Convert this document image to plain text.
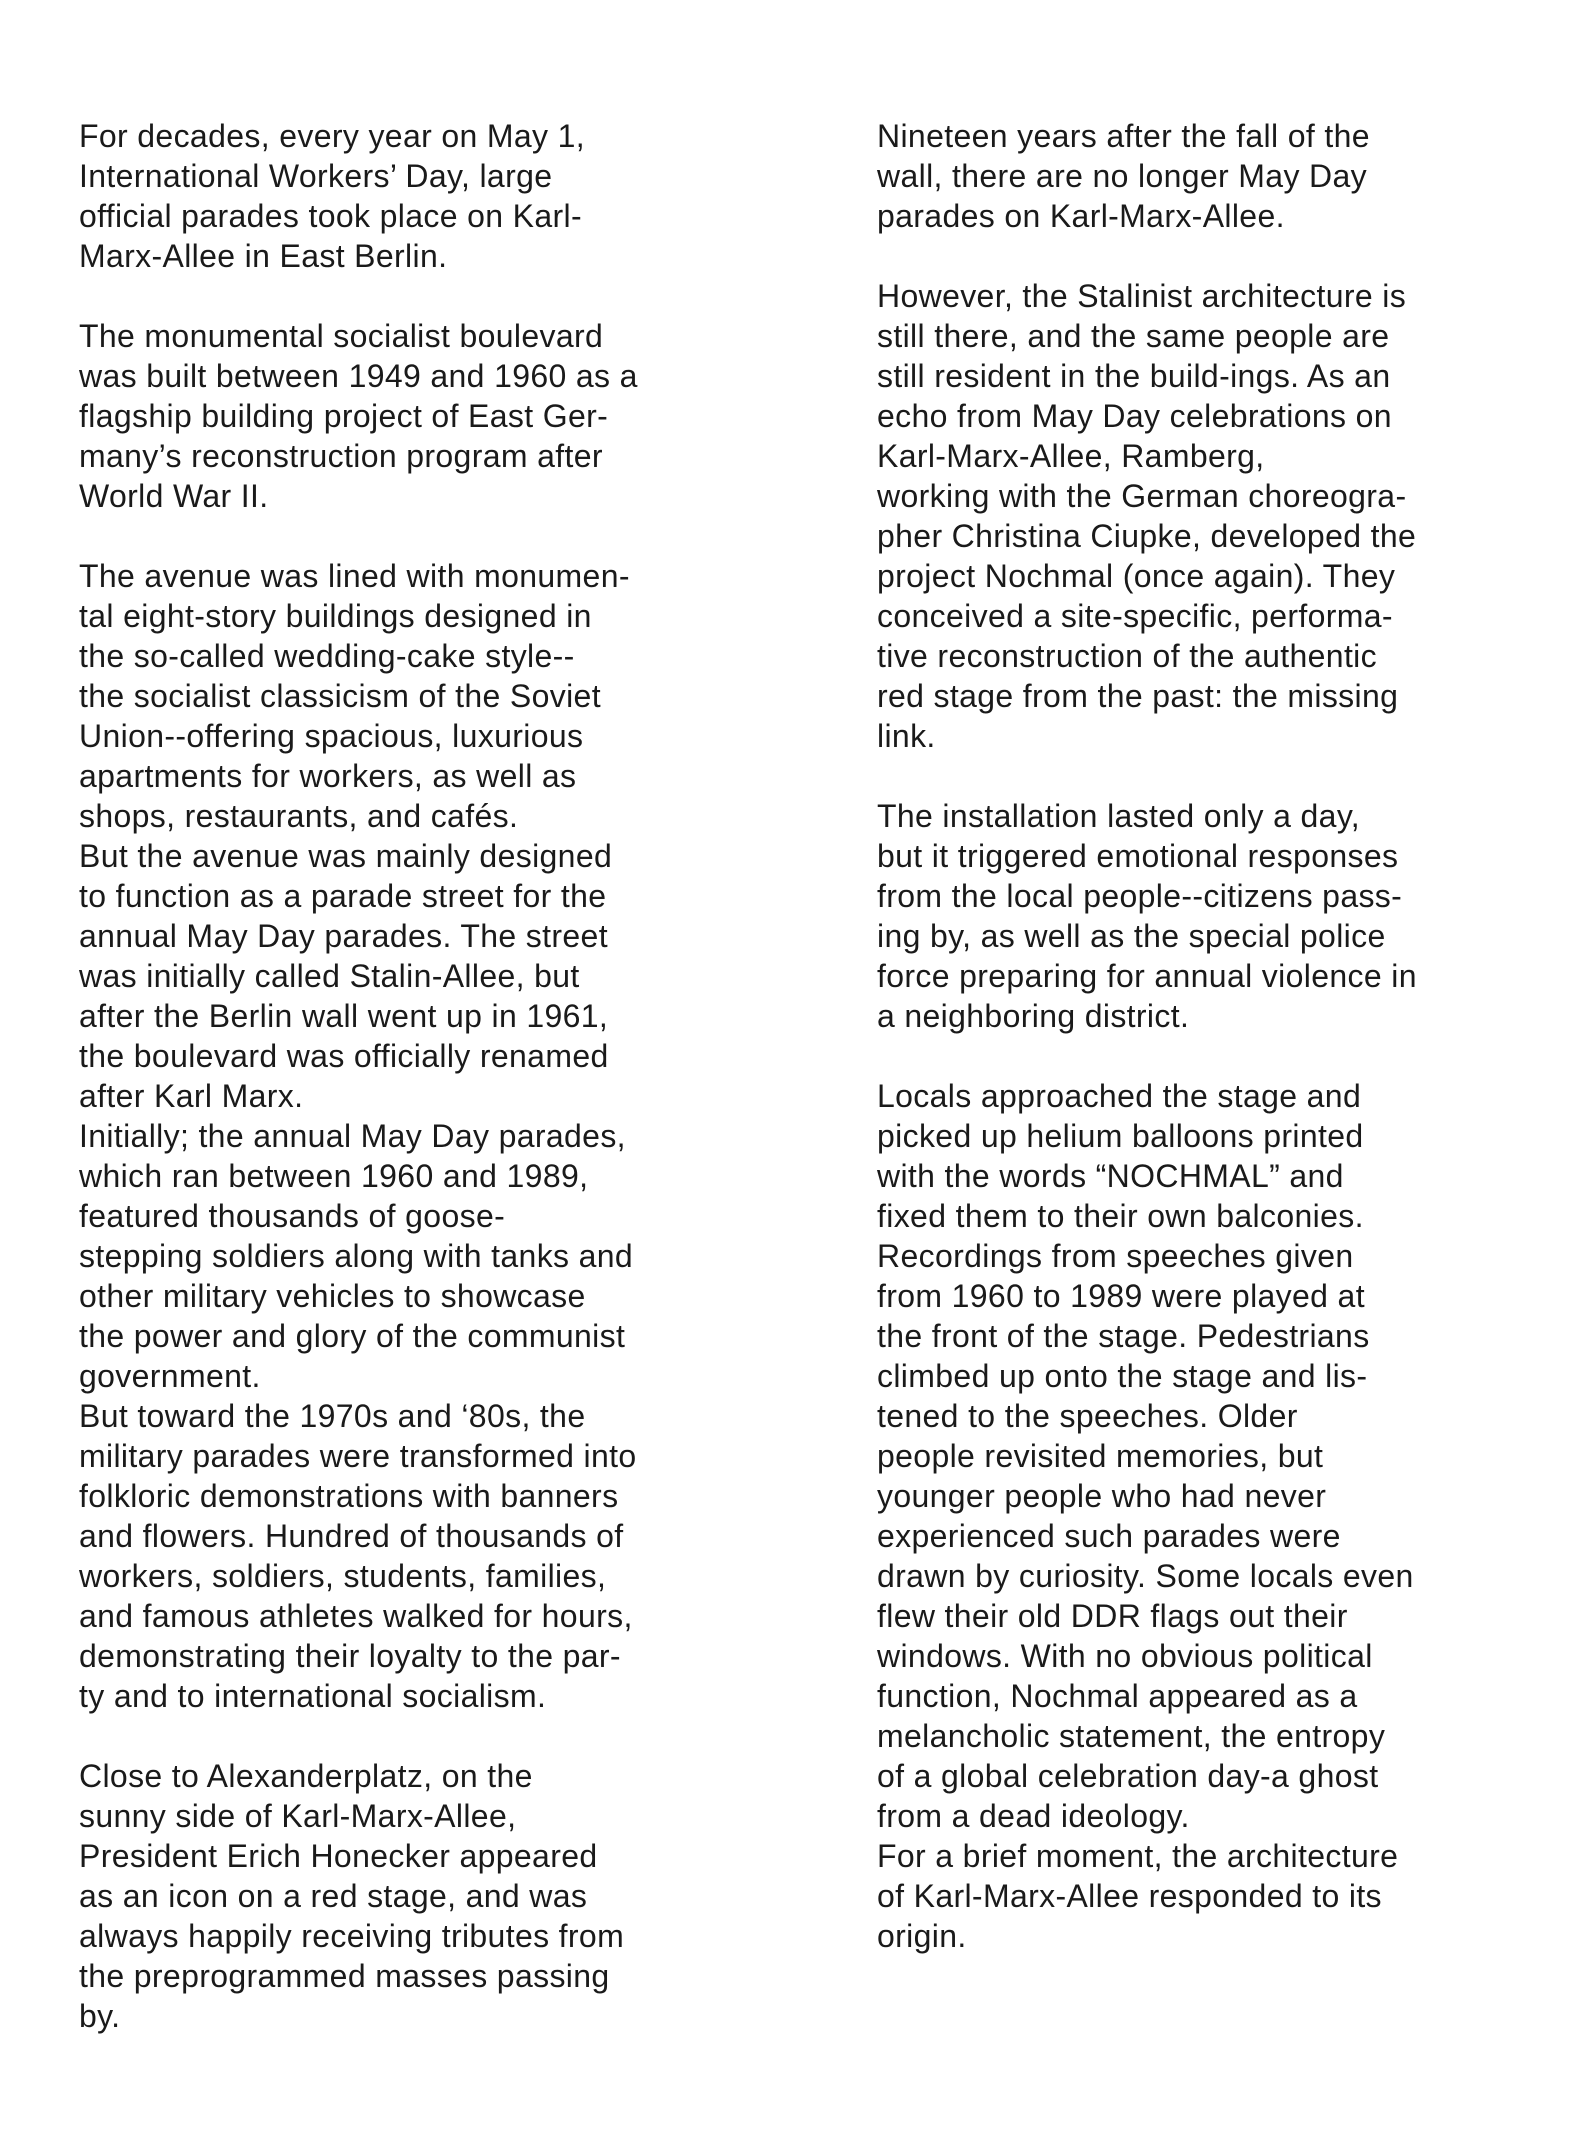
For decades, every year on May 1,
International Workers’ Day, large
official parades took place on Karl-
Marx-Allee in East Berlin.

The monumental socialist boulevard
was built between 1949 and 1960 as a
flagship building project of East Ger-
many’s reconstruction program after
World War II.

The avenue was lined with monumen-
tal eight-story buildings designed in
the so-called wedding-cake style--
the socialist classicism of the Soviet
Union--offering spacious, luxurious
apartments for workers, as well as
shops, restaurants, and cafés.

But the avenue was mainly designed
to function as a parade street for the
annual May Day parades. The street
was initially called Stalin-Allee, but
after the Berlin wall went up in 1961,
the boulevard was officially renamed
after Karl Marx.

Initially; the annual May Day parades,
which ran between 1960 and 1989,
featured thousands of goose-
stepping soldiers along with tanks and
other military vehicles to showcase
the power and glory of the communist
government.

But toward the 1970s and ‘80s, the
military parades were transformed into
folkloric demonstrations with banners
and flowers. Hundred of thousands of
workers, soldiers, students, families,
and famous athletes walked for hours,
demonstrating their loyalty to the par-
ty and to international socialism.

Close to Alexanderplatz, on the
sunny side of Karl-Marx-Allee,
President Erich Honecker appeared
as an icon on a red stage, and was
always happily receiving tributes from
the preprogrammed masses passing
by.

Nineteen years after the fall of the
wall, there are no longer May Day
parades on Karl-Marx-Allee.

However, the Stalinist architecture is
still there, and the same people are
still resident in the build-ings. As an
echo from May Day celebrations on
Karl-Marx-Allee, Ramberg,
working with the German choreogra-
pher Christina Ciupke, developed the
project Nochmal (once again). They
conceived a site-specific, performa-
tive reconstruction of the authentic
red stage from the past: the missing
link.

The installation lasted only a day,
but it triggered emotional responses
from the local people--citizens pass-
ing by, as well as the special police
force preparing for annual violence in
a neighboring district.

Locals approached the stage and
picked up helium balloons printed
with the words “NOCHMAL” and
fixed them to their own balconies.
Recordings from speeches given
from 1960 to 1989 were played at
the front of the stage. Pedestrians
climbed up onto the stage and lis-
tened to the speeches. Older
people revisited memories, but
younger people who had never
experienced such parades were
drawn by curiosity. Some locals even
flew their old DDR flags out their
windows. With no obvious political
function, Nochmal appeared as a
melancholic statement, the entropy
of a global celebration day-a ghost
from a dead ideology.

For a brief moment, the architecture
of Karl-Marx-Allee responded to its
origin.
